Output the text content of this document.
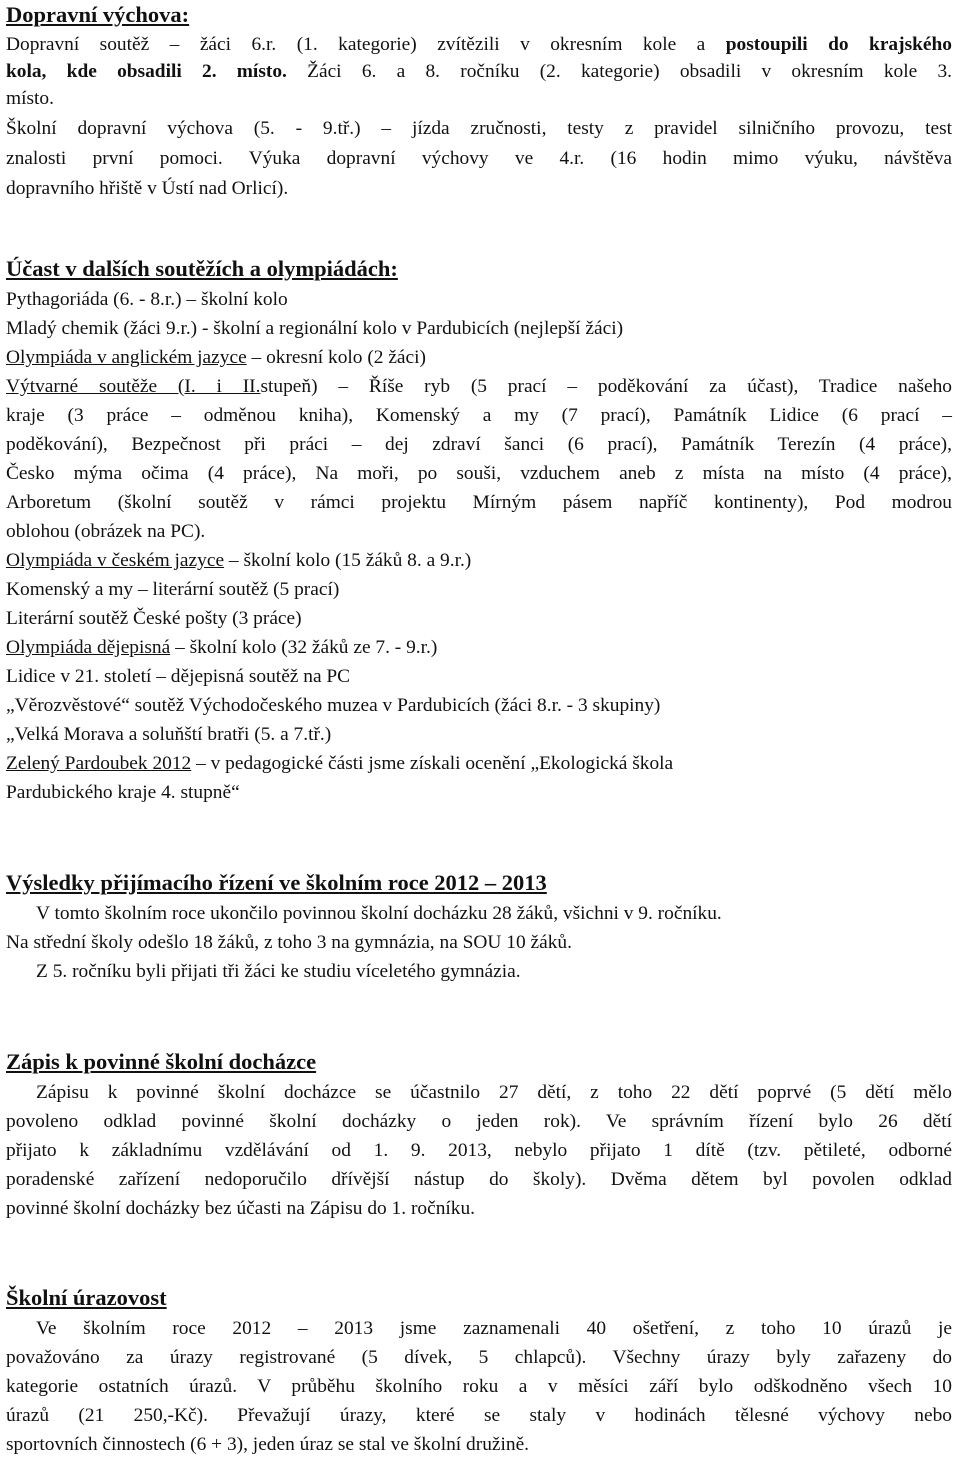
Dopravní výchova:
Dopravní soutěž – žáci 6.r. (1. kategorie) zvítězili v okresním kole a postoupili do krajského
kola, kde obsadili 2. místo. Žáci 6. a 8. ročníku (2. kategorie) obsadili v okresním kole 3.
místo.
Školní dopravní výchova (5. - 9.tř.) – jízda zručnosti, testy z pravidel silničního provozu, test
znalosti první pomoci. Výuka dopravní výchovy ve 4.r. (16 hodin mimo výuku, návštěva
dopravního hřiště v Ústí nad Orlicí).
Účast v dalších soutěžích a olympiádách:
Pythagoriáda (6. - 8.r.) – školní kolo
Mladý chemik (žáci 9.r.) - školní a regionální kolo v Pardubicích (nejlepší žáci)
Olympiáda v anglickém jazyce – okresní kolo (2 žáci)
Výtvarné soutěže (I. i II.stupeň) – Říše ryb (5 prací – poděkování za účast), Tradice našeho
kraje (3 práce – odměnou kniha), Komenský a my (7 prací), Památník Lidice (6 prací –
poděkování), Bezpečnost při práci – dej zdraví šanci (6 prací), Památník Terezín (4 práce),
Česko mýma očima (4 práce), Na moři, po souši, vzduchem aneb z místa na místo (4 práce),
Arboretum (školní soutěž v rámci projektu Mírným pásem napříč kontinenty), Pod modrou
oblohou (obrázek na PC).
Olympiáda v českém jazyce – školní kolo (15 žáků 8. a 9.r.)
Komenský a my – literární soutěž (5 prací)
Literární soutěž České pošty (3 práce)
Olympiáda dějepisná – školní kolo (32 žáků ze 7. - 9.r.)
Lidice v 21. století – dějepisná soutěž na PC
„Věrozvěstové“ soutěž Východočeského muzea v Pardubicích (žáci 8.r. - 3 skupiny)
„Velká Morava a soluňští bratři (5. a 7.tř.)
Zelený Pardoubek 2012 – v pedagogické části jsme získali ocenění „Ekologická škola
Pardubického kraje 4. stupně“
Výsledky přijímacího řízení ve školním roce 2012 – 2013
V tomto školním roce ukončilo povinnou školní docházku 28 žáků, všichni v 9. ročníku.
Na střední školy odešlo 18 žáků, z toho 3 na gymnázia, na SOU 10 žáků.
Z 5. ročníku byli přijati tři žáci ke studiu víceletého gymnázia.
Zápis k povinné školní docházce
Zápisu k povinné školní docházce se účastnilo 27 dětí, z toho 22 dětí poprvé (5 dětí mělo
povoleno odklad povinné školní docházky o jeden rok). Ve správním řízení bylo 26 dětí
přijato k základnímu vzdělávání od 1. 9. 2013, nebylo přijato 1 dítě (tzv. pětileté, odborné
poradenské zařízení nedoporučilo dřívější nástup do školy). Dvěma dětem byl povolen odklad
povinné školní docházky bez účasti na Zápisu do 1. ročníku.
Školní úrazovost
Ve školním roce 2012 – 2013 jsme zaznamenali 40 ošetření, z toho 10 úrazů je
považováno za úrazy registrované (5 dívek, 5 chlapců). Všechny úrazy byly zařazeny do
kategorie ostatních úrazů. V průběhu školního roku a v měsíci září bylo odškodněno všech 10
úrazů (21 250,-Kč). Převažují úrazy, které se staly v hodinách tělesné výchovy nebo
sportovních činnostech (6 + 3), jeden úraz se stal ve školní družině.
